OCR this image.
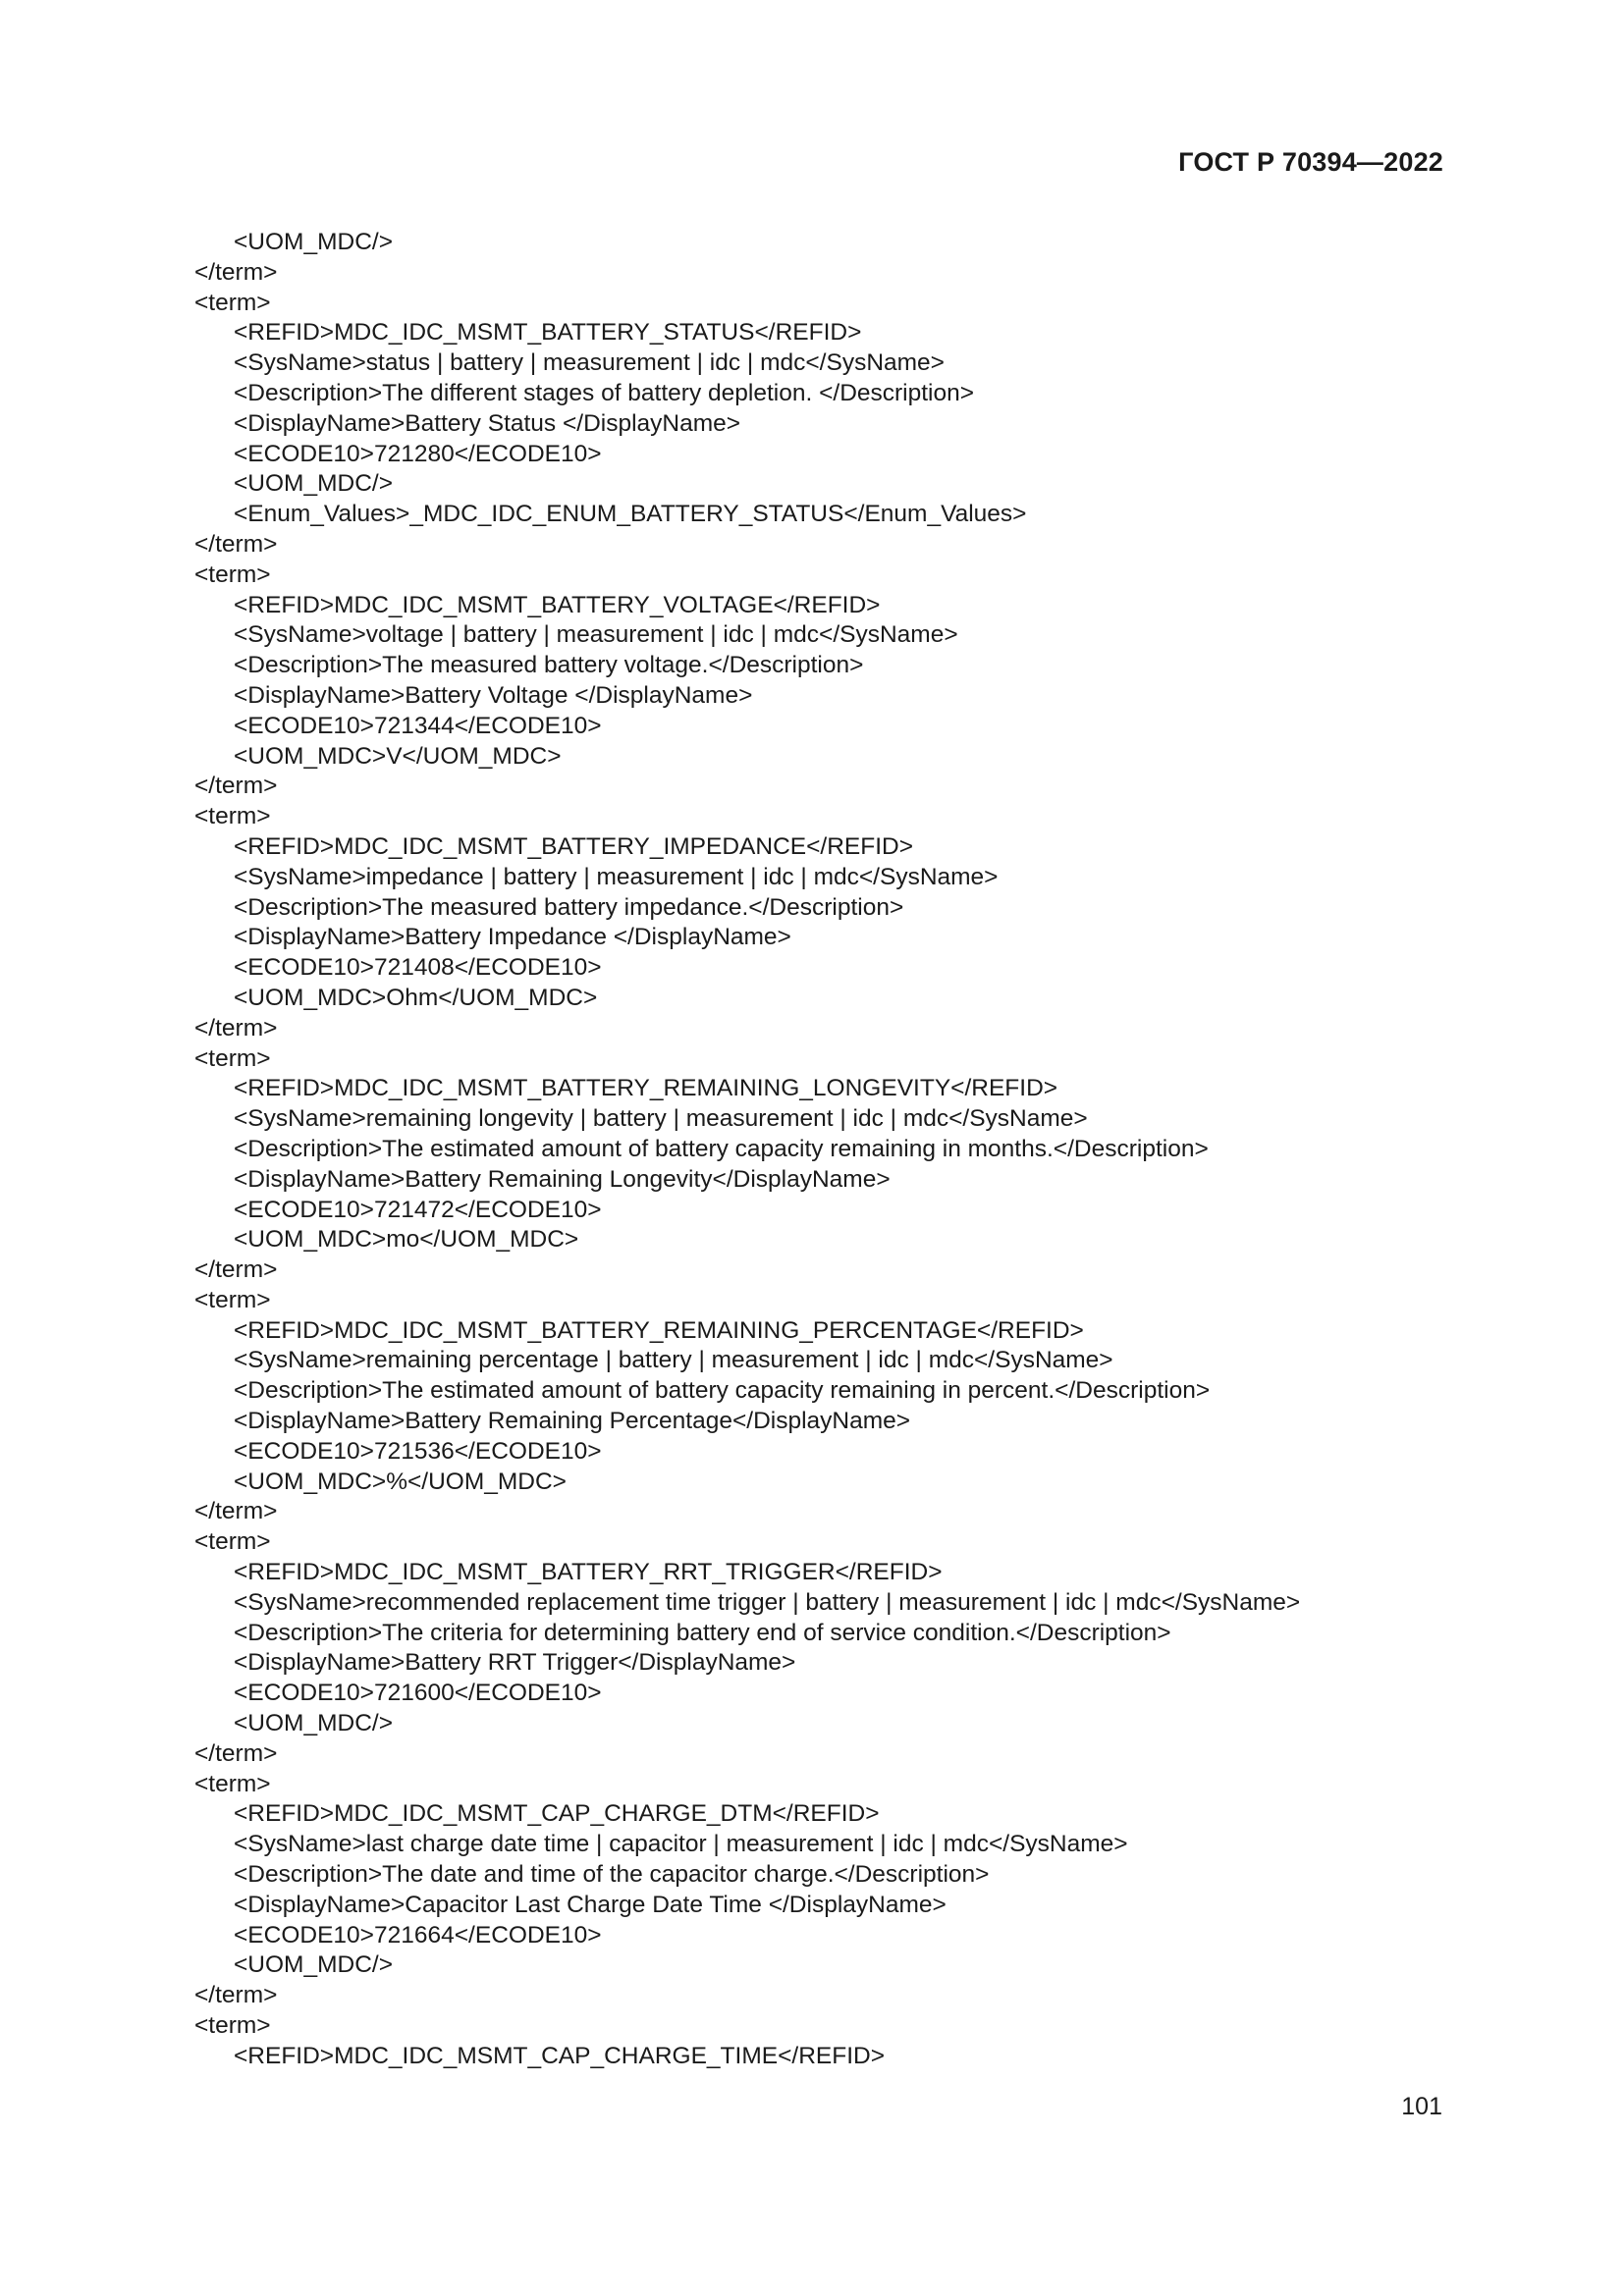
ГОСТ Р 70394—2022
<UOM_MDC/>
</term>
<term>
<REFID>MDC_IDC_MSMT_BATTERY_STATUS</REFID>
<SysName>status | battery | measurement | idc | mdc</SysName>
<Description>The different stages of battery depletion. </Description>
<DisplayName>Battery Status </DisplayName>
<ECODE10>721280</ECODE10>
<UOM_MDC/>
<Enum_Values>_MDC_IDC_ENUM_BATTERY_STATUS</Enum_Values>
</term>
<term>
<REFID>MDC_IDC_MSMT_BATTERY_VOLTAGE</REFID>
<SysName>voltage | battery | measurement | idc | mdc</SysName>
<Description>The measured battery voltage.</Description>
<DisplayName>Battery Voltage </DisplayName>
<ECODE10>721344</ECODE10>
<UOM_MDC>V</UOM_MDC>
</term>
<term>
<REFID>MDC_IDC_MSMT_BATTERY_IMPEDANCE</REFID>
<SysName>impedance | battery | measurement | idc | mdc</SysName>
<Description>The measured battery impedance.</Description>
<DisplayName>Battery Impedance </DisplayName>
<ECODE10>721408</ECODE10>
<UOM_MDC>Ohm</UOM_MDC>
</term>
<term>
<REFID>MDC_IDC_MSMT_BATTERY_REMAINING_LONGEVITY</REFID>
<SysName>remaining longevity | battery | measurement | idc | mdc</SysName>
<Description>The estimated amount of battery capacity remaining in months.</Description>
<DisplayName>Battery Remaining Longevity</DisplayName>
<ECODE10>721472</ECODE10>
<UOM_MDC>mo</UOM_MDC>
</term>
<term>
<REFID>MDC_IDC_MSMT_BATTERY_REMAINING_PERCENTAGE</REFID>
<SysName>remaining percentage | battery | measurement | idc | mdc</SysName>
<Description>The estimated amount of battery capacity remaining in percent.</Description>
<DisplayName>Battery Remaining Percentage</DisplayName>
<ECODE10>721536</ECODE10>
<UOM_MDC>%</UOM_MDC>
</term>
<term>
<REFID>MDC_IDC_MSMT_BATTERY_RRT_TRIGGER</REFID>
<SysName>recommended replacement time trigger | battery | measurement | idc | mdc</SysName>
<Description>The criteria for determining battery end of service condition.</Description>
<DisplayName>Battery RRT Trigger</DisplayName>
<ECODE10>721600</ECODE10>
<UOM_MDC/>
</term>
<term>
<REFID>MDC_IDC_MSMT_CAP_CHARGE_DTM</REFID>
<SysName>last charge date time | capacitor | measurement | idc | mdc</SysName>
<Description>The date and time of the capacitor charge.</Description>
<DisplayName>Capacitor Last Charge Date Time </DisplayName>
<ECODE10>721664</ECODE10>
<UOM_MDC/>
</term>
<term>
<REFID>MDC_IDC_MSMT_CAP_CHARGE_TIME</REFID>
101
